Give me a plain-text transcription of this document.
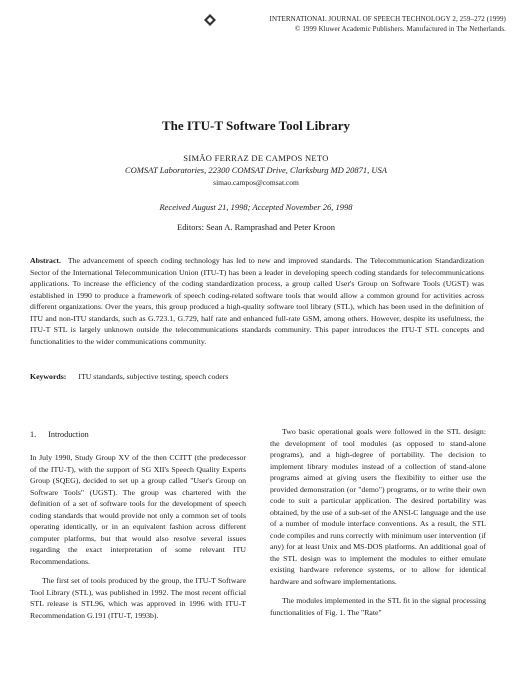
INTERNATIONAL JOURNAL OF SPEECH TECHNOLOGY 2, 259–272 (1999)
© 1999 Kluwer Academic Publishers. Manufactured in The Netherlands.
The ITU-T Software Tool Library
SIMÃO FERRAZ DE CAMPOS NETO
COMSAT Laboratories, 22300 COMSAT Drive, Clarksburg MD 20871, USA
simao.campos@comsat.com
Received August 21, 1998; Accepted November 26, 1998
Editors: Sean A. Ramprashad and Peter Kroon
Abstract. The advancement of speech coding technology has led to new and improved standards. The Telecommunication Standardization Sector of the International Telecommunication Union (ITU-T) has been a leader in developing speech coding standards for telecommunications applications. To increase the efficiency of the coding standardization process, a group called User's Group on Software Tools (UGST) was established in 1990 to produce a framework of speech coding-related software tools that would allow a common ground for activities across different organizations. Over the years, this group produced a high-quality software tool library (STL), which has been used in the definition of ITU and non-ITU standards, such as G.723.1, G.729, half rate and enhanced full-rate GSM, among others. However, despite its usefulness, the ITU-T STL is largely unknown outside the telecommunications standards community. This paper introduces the ITU-T STL concepts and functionalities to the wider communications community.
Keywords: ITU standards, subjective testing, speech coders
1. Introduction

In July 1990, Study Group XV of the then CCITT (the predecessor of the ITU-T), with the support of SG XII's Speech Quality Experts Group (SQEG), decided to set up a group called "User's Group on Software Tools" (UGST). The group was chartered with the definition of a set of software tools for the development of speech coding standards that would provide not only a common set of tools operating identically, or in an equivalent fashion across different computer platforms, but that would also resolve several issues regarding the exact interpretation of some relevant ITU Recommendations.

The first set of tools produced by the group, the ITU-T Software Tool Library (STL), was published in 1992. The most recent official STL release is STL96, which was approved in 1996 with ITU-T Recommendation G.191 (ITU-T, 1993b).

Two basic operational goals were followed in the STL design: the development of tool modules (as opposed to stand-alone programs), and a high-degree of portability. The decision to implement library modules instead of a collection of stand-alone programs aimed at giving users the flexibility to either use the provided demonstration (or "demo") programs, or to write their own code to suit a particular application. The desired portability was obtained, by the use of a sub-set of the ANSI-C language and the use of a number of module interface conventions. As a result, the STL code compiles and runs correctly with minimum user intervention (if any) for at least Unix and MS-DOS platforms. An additional goal of the STL design was to implement the modules to either emulate existing hardware reference systems, or to allow for identical hardware and software implementations.

The modules implemented in the STL fit in the signal processing functionalities of Fig. 1. The "Rate"
